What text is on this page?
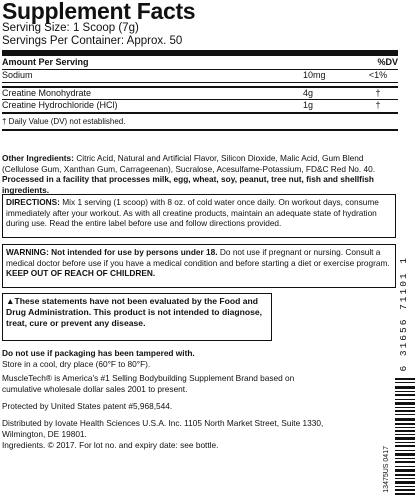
Supplement Facts
Serving Size: 1 Scoop (7g)
Servings Per Container: Approx. 50
Amount Per Serving	%DV
Sodium	10mg	<1%
Creatine Monohydrate	4g	†
Creatine Hydrochloride (HCl)	1g	†
† Daily Value (DV) not established.
Other Ingredients: Citric Acid, Natural and Artificial Flavor, Silicon Dioxide, Malic Acid, Gum Blend (Cellulose Gum, Xanthan Gum, Carrageenan), Sucralose, Acesulfame-Potassium, FD&C Red No. 40. Processed in a facility that processes milk, egg, wheat, soy, peanut, tree nut, fish and shellfish ingredients.
DIRECTIONS: Mix 1 serving (1 scoop) with 8 oz. of cold water once daily. On workout days, consume immediately after your workout. As with all creatine products, maintain an adequate state of hydration during use. Read the entire label before use and follow directions provided.
WARNING: Not intended for use by persons under 18. Do not use if pregnant or nursing. Consult a medical doctor before use if you have a medical condition and before starting a diet or exercise program.
KEEP OUT OF REACH OF CHILDREN.
▲These statements have not been evaluated by the Food and Drug Administration. This product is not intended to diagnose, treat, cure or prevent any disease.
Do not use if packaging has been tampered with.
Store in a cool, dry place (60°F to 80°F).
MuscleTech® is America's #1 Selling Bodybuilding Supplement Brand based on cumulative wholesale dollar sales 2001 to present.
Protected by United States patent #5,968,544.
Distributed by Iovate Health Sciences U.S.A. Inc. 1105 North Market Street, Suite 1330, Wilmington, DE 19801.
Ingredients. © 2017. For lot no. and expiry date: see bottle.
6 31656 71101 1
13475US 0417
